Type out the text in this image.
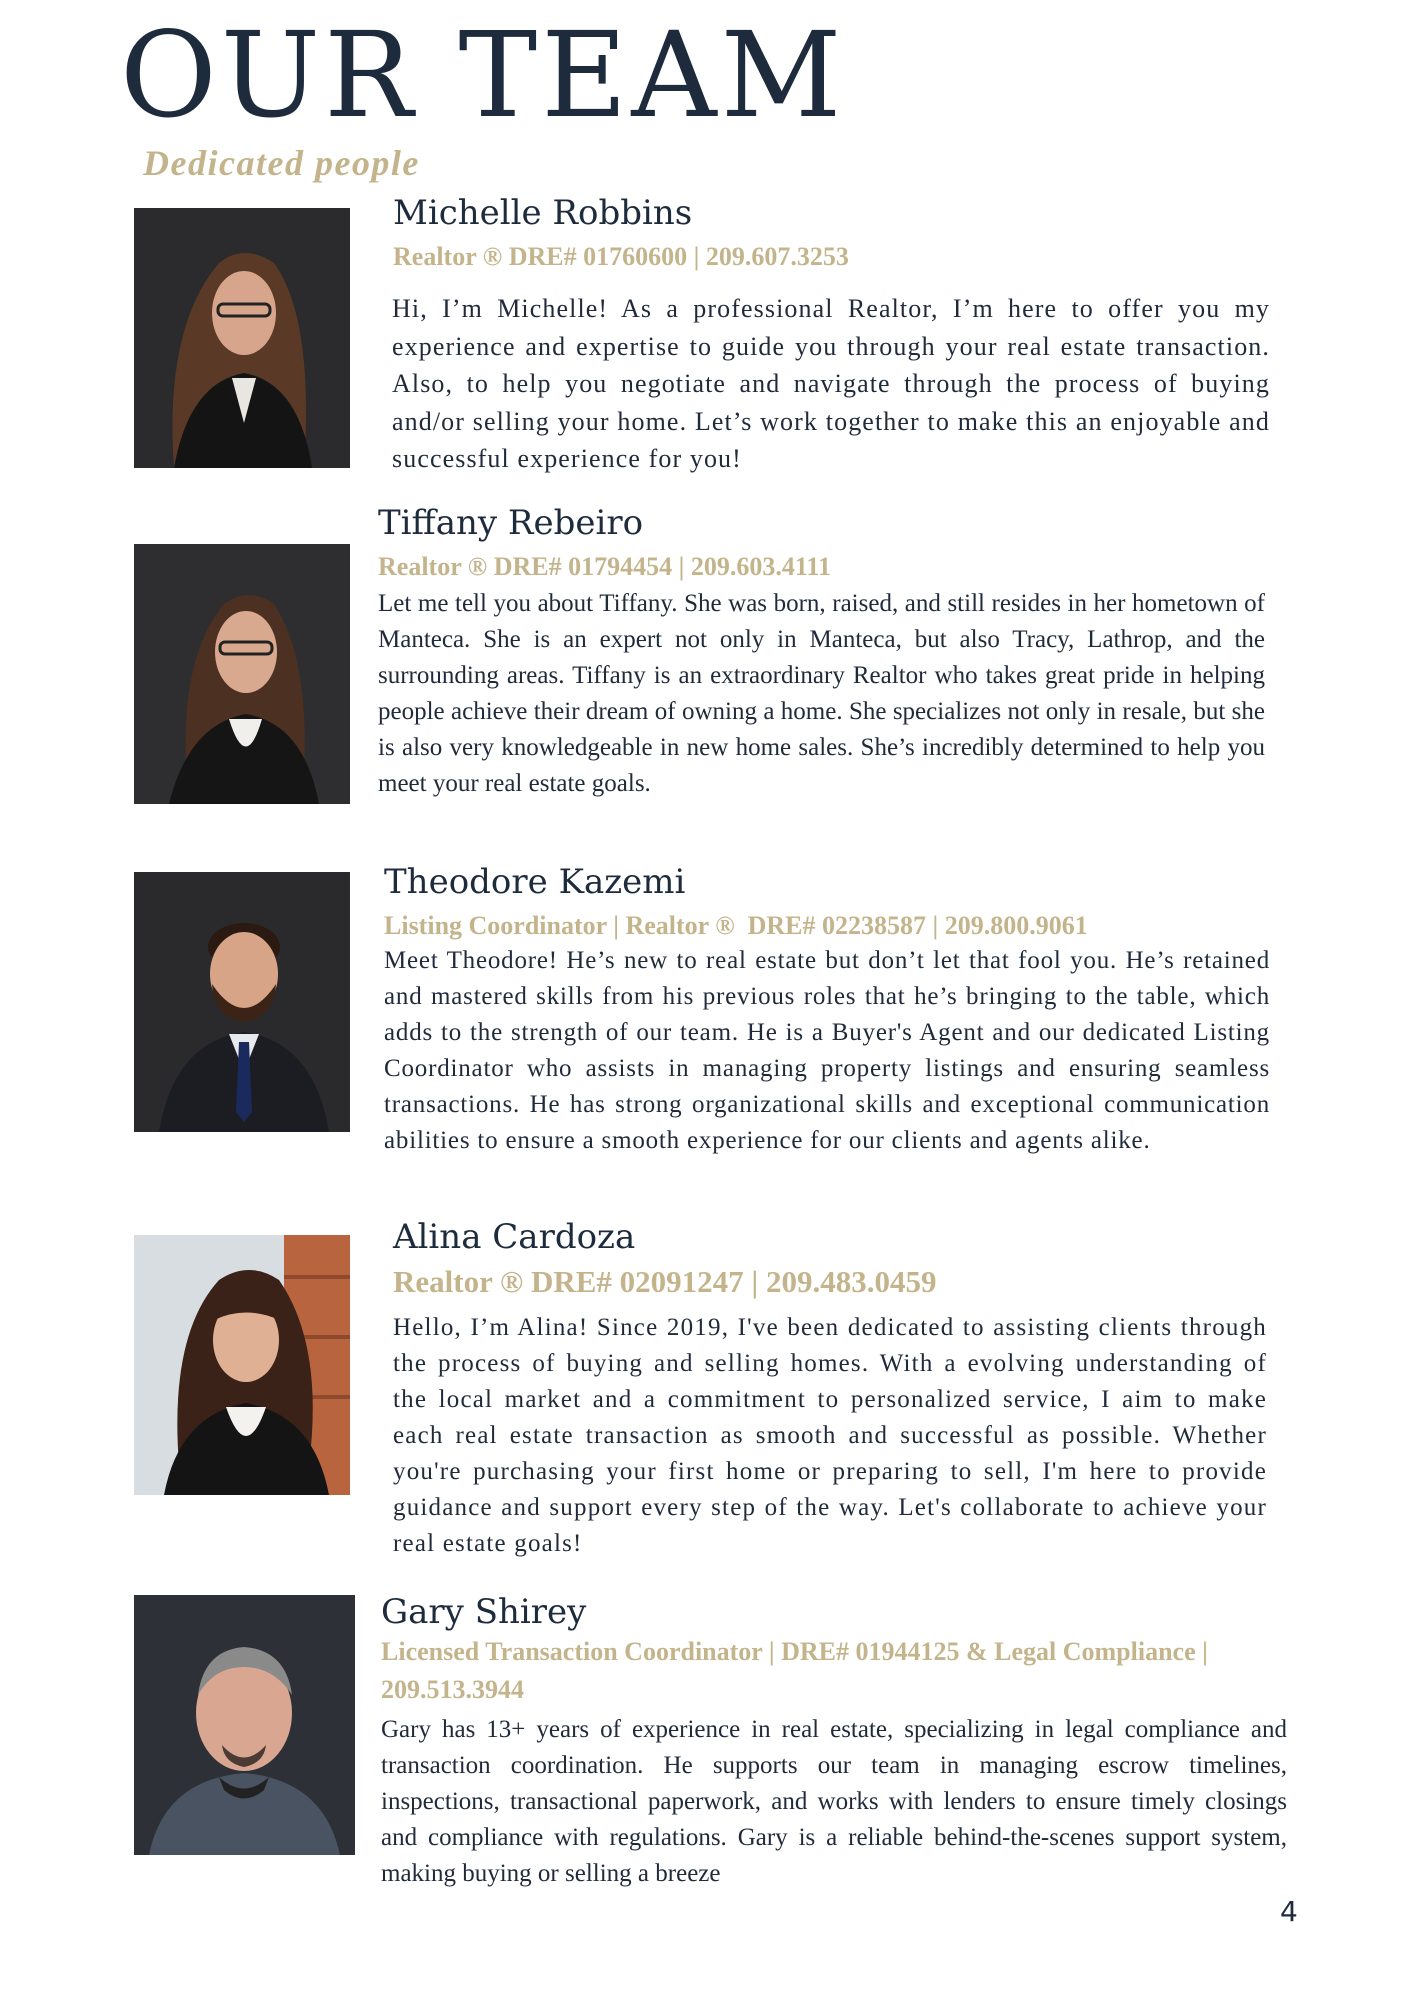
OUR TEAM
Dedicated people
Michelle Robbins
Realtor ® DRE# 01760600 | 209.607.3253

Hi, I’m Michelle! As a professional Realtor, I’m here to offer you my experience and expertise to guide you through your real estate transaction. Also, to help you negotiate and navigate through the process of buying and/or selling your home. Let’s work together to make this an enjoyable and successful experience for you!

Tiffany Rebeiro
Realtor ® DRE# 01794454 | 209.603.4111

Let me tell you about Tiffany. She was born, raised, and still resides in her hometown of Manteca. She is an expert not only in Manteca, but also Tracy, Lathrop, and the surrounding areas. Tiffany is an extraordinary Realtor who takes great pride in helping people achieve their dream of owning a home. She specializes not only in resale, but she is also very knowledgeable in new home sales. She’s incredibly determined to help you meet your real estate goals.

Theodore Kazemi
Listing Coordinator | Realtor ®  DRE# 02238587 | 209.800.9061

Meet Theodore! He’s new to real estate but don’t let that fool you. He’s retained and mastered skills from his previous roles that he’s bringing to the table, which adds to the strength of our team. He is a Buyer's Agent and our dedicated Listing Coordinator who assists in managing property listings and ensuring seamless transactions. He has strong organizational skills and exceptional communication abilities to ensure a smooth experience for our clients and agents alike.

Alina Cardoza
Realtor ® DRE# 02091247 | 209.483.0459

Hello, I’m Alina! Since 2019, I've been dedicated to assisting clients through the process of buying and selling homes. With a evolving understanding of the local market and a commitment to personalized service, I aim to make each real estate transaction as smooth and successful as possible. Whether you're purchasing your first home or preparing to sell, I'm here to provide guidance and support every step of the way. Let's collaborate to achieve your real estate goals!

Gary Shirey
Licensed Transaction Coordinator | DRE# 01944125 & Legal Compliance | 209.513.3944

Gary has 13+ years of experience in real estate, specializing in legal compliance and transaction coordination. He supports our team in managing escrow timelines, inspections, transactional paperwork, and works with lenders to ensure timely closings and compliance with regulations. Gary is a reliable behind-the-scenes support system, making buying or selling a breeze

4
